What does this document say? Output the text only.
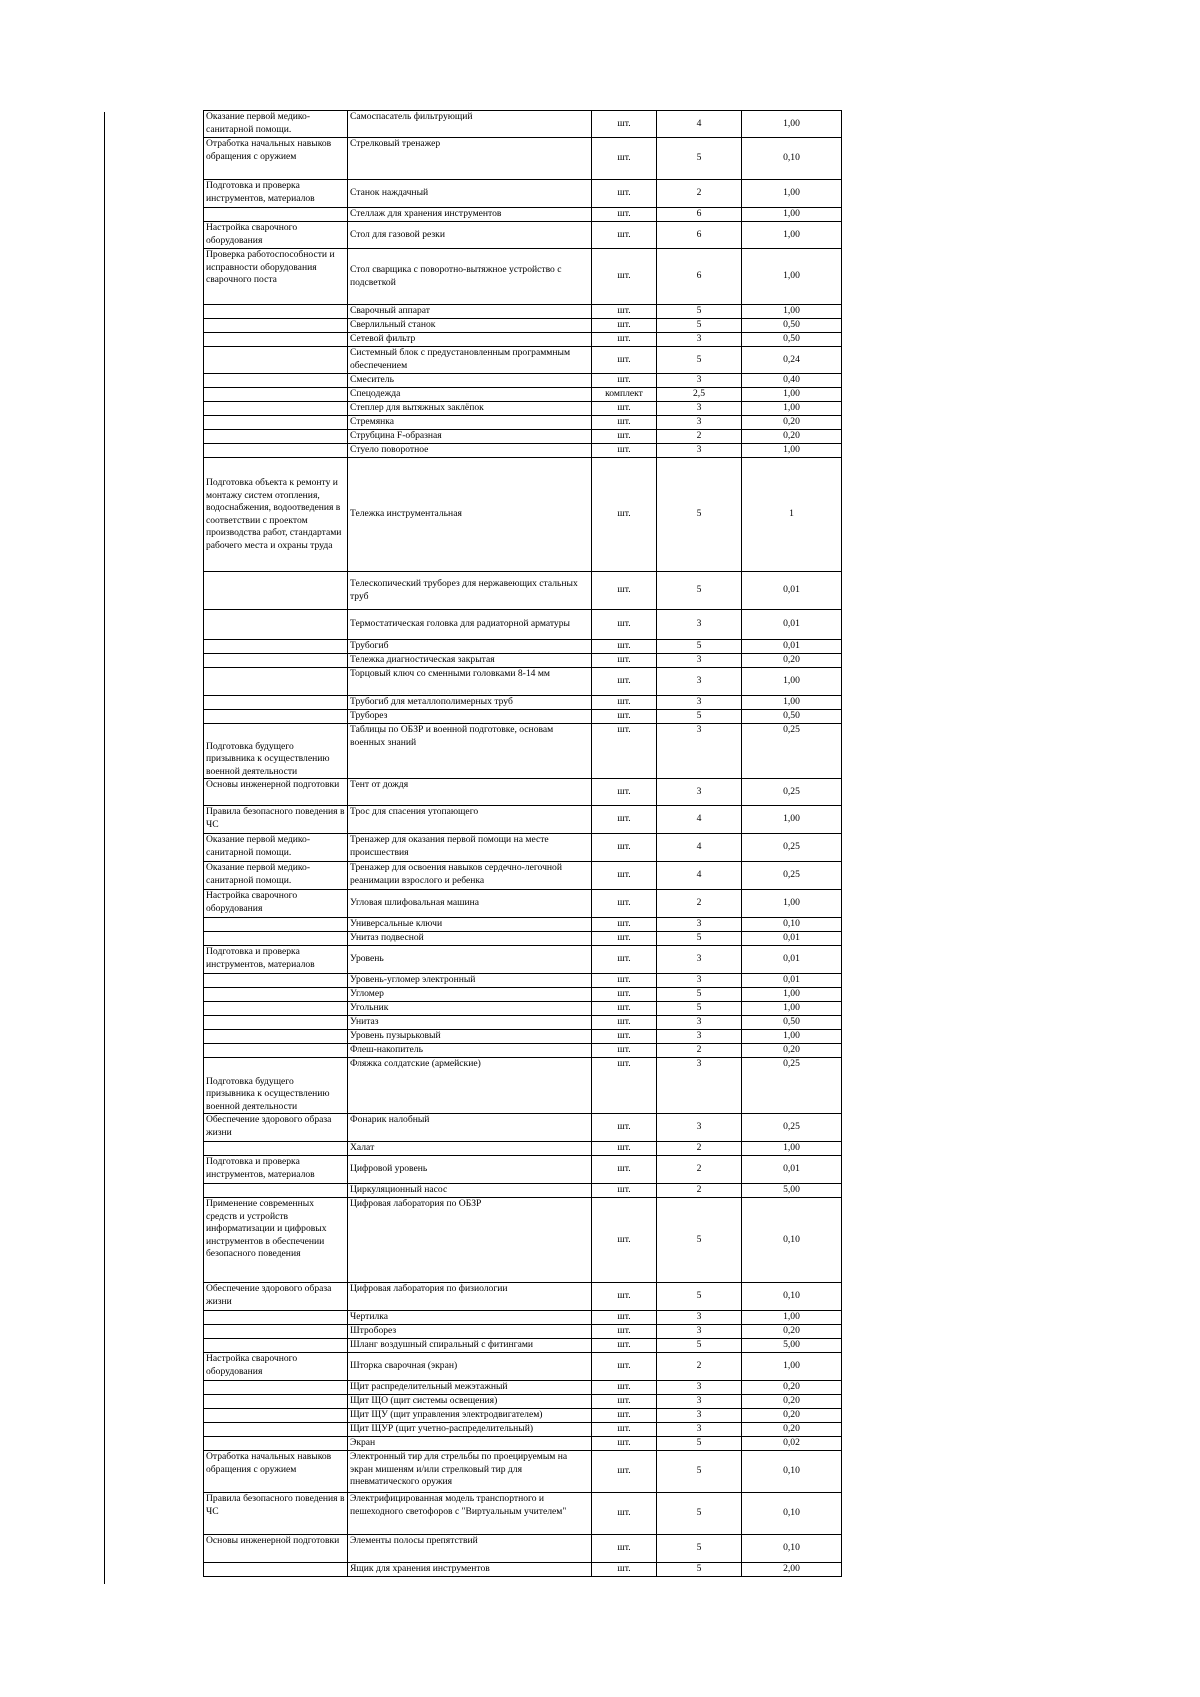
Оказание первой медико-санитарной помощи.	Самоспасатель фильтрующий	шт.	4	1,00
Отработка начальных навыков обращения с оружием	Стрелковый тренажер	шт.	5	0,10
Подготовка и проверка инструментов, материалов	Станок наждачный	шт.	2	1,00
	Стеллаж для хранения инструментов	шт.	6	1,00
Настройка сварочного оборудования	Стол для газовой резки	шт.	6	1,00
Проверка работоспособности и исправности оборудования сварочного поста	Стол сварщика с поворотно-вытяжное устройство с подсветкой	шт.	6	1,00
	Сварочный аппарат	шт.	5	1,00
	Сверлильный станок	шт.	5	0,50
	Сетевой фильтр	шт.	3	0,50
	Системный блок с предустановленным программным обеспечением	шт.	5	0,24
	Смеситель	шт.	3	0,40
	Спецодежда	комплект	2,5	1,00
	Степлер для вытяжных заклёпок	шт.	3	1,00
	Стремянка	шт.	3	0,20
	Струбцина F-образная	шт.	2	0,20
	Стуело поворотное	шт.	3	1,00
Подготовка объекта к ремонту и монтажу систем отопления, водоснабжения, водоотведения в соответствии с проектом производства работ, стандартами рабочего места и охраны труда	Тележка инструментальная	шт.	5	1
	Телескопический труборез для нержавеющих стальных труб	шт.	5	0,01
	Термостатическая головка для радиаторной арматуры	шт.	3	0,01
	Трубогиб	шт.	5	0,01
	Тележка диагностическая закрытая	шт.	3	0,20
	Торцовый ключ со сменными головками 8-14 мм	шт.	3	1,00
	Трубогиб для металлополимерных труб	шт.	3	1,00
	Труборез	шт.	5	0,50
Подготовка будущего призывника к осуществлению военной деятельности	Таблицы по ОБЗР и военной подготовке, основам военных знаний	шт.	3	0,25
Основы инженерной подготовки	Тент от дождя	шт.	3	0,25
Правила безопасного поведения в ЧС	Трос для спасения утопающего	шт.	4	1,00
Оказание первой медико-санитарной помощи.	Тренажер для оказания первой помощи на месте происшествия	шт.	4	0,25
Оказание первой медико-санитарной помощи.	Тренажер для освоения навыков сердечно-легочной реанимации взрослого и ребенка	шт.	4	0,25
Настройка сварочного оборудования	Угловая шлифовальная машина	шт.	2	1,00
	Универсальные ключи	шт.	3	0,10
	Унитаз подвесной	шт.	5	0,01
Подготовка и проверка инструментов, материалов	Уровень	шт.	3	0,01
	Уровень-угломер электронный	шт.	3	0,01
	Угломер	шт.	5	1,00
	Угольник	шт.	5	1,00
	Унитаз	шт.	3	0,50
	Уровень пузырьковый	шт.	3	1,00
	Флеш-накопитель	шт.	2	0,20
Подготовка будущего призывника к осуществлению военной деятельности	Фляжка солдатские (армейские)	шт.	3	0,25
Обеспечение здорового образа жизни	Фонарик налобный	шт.	3	0,25
	Халат	шт.	2	1,00
Подготовка и проверка инструментов, материалов	Цифровой уровень	шт.	2	0,01
	Циркуляционный насос	шт.	2	5,00
Применение современных средств и устройств информатизации и цифровых инструментов в обеспечении безопасного поведения	Цифровая лаборатория по ОБЗР	шт.	5	0,10
Обеспечение здорового образа жизни	Цифровая лаборатория по физиологии	шт.	5	0,10
	Чертилка	шт.	3	1,00
	Штроборез	шт.	3	0,20
	Шланг воздушный спиральный с фитингами	шт.	5	5,00
Настройка сварочного оборудования	Шторка сварочная (экран)	шт.	2	1,00
	Щит распределительный межэтажный	шт.	3	0,20
	Щит ЩО (щит системы освещения)	шт.	3	0,20
	Щит ЩУ (щит управления электродвигателем)	шт.	3	0,20
	Щит ЩУР (щит учетно-распределительный)	шт.	3	0,20
	Экран	шт.	5	0,02
Отработка начальных навыков обращения с оружием	Электронный тир для стрельбы по проецируемым на экран мишеням и/или стрелковый тир для пневматического оружия	шт.	5	0,10
Правила безопасного поведения в ЧС	Электрифицированная модель транспортного и пешеходного светофоров с "Виртуальным учителем"	шт.	5	0,10
Основы инженерной подготовки	Элементы полосы препятствий	шт.	5	0,10
	Ящик для хранения инструментов	шт.	5	2,00
